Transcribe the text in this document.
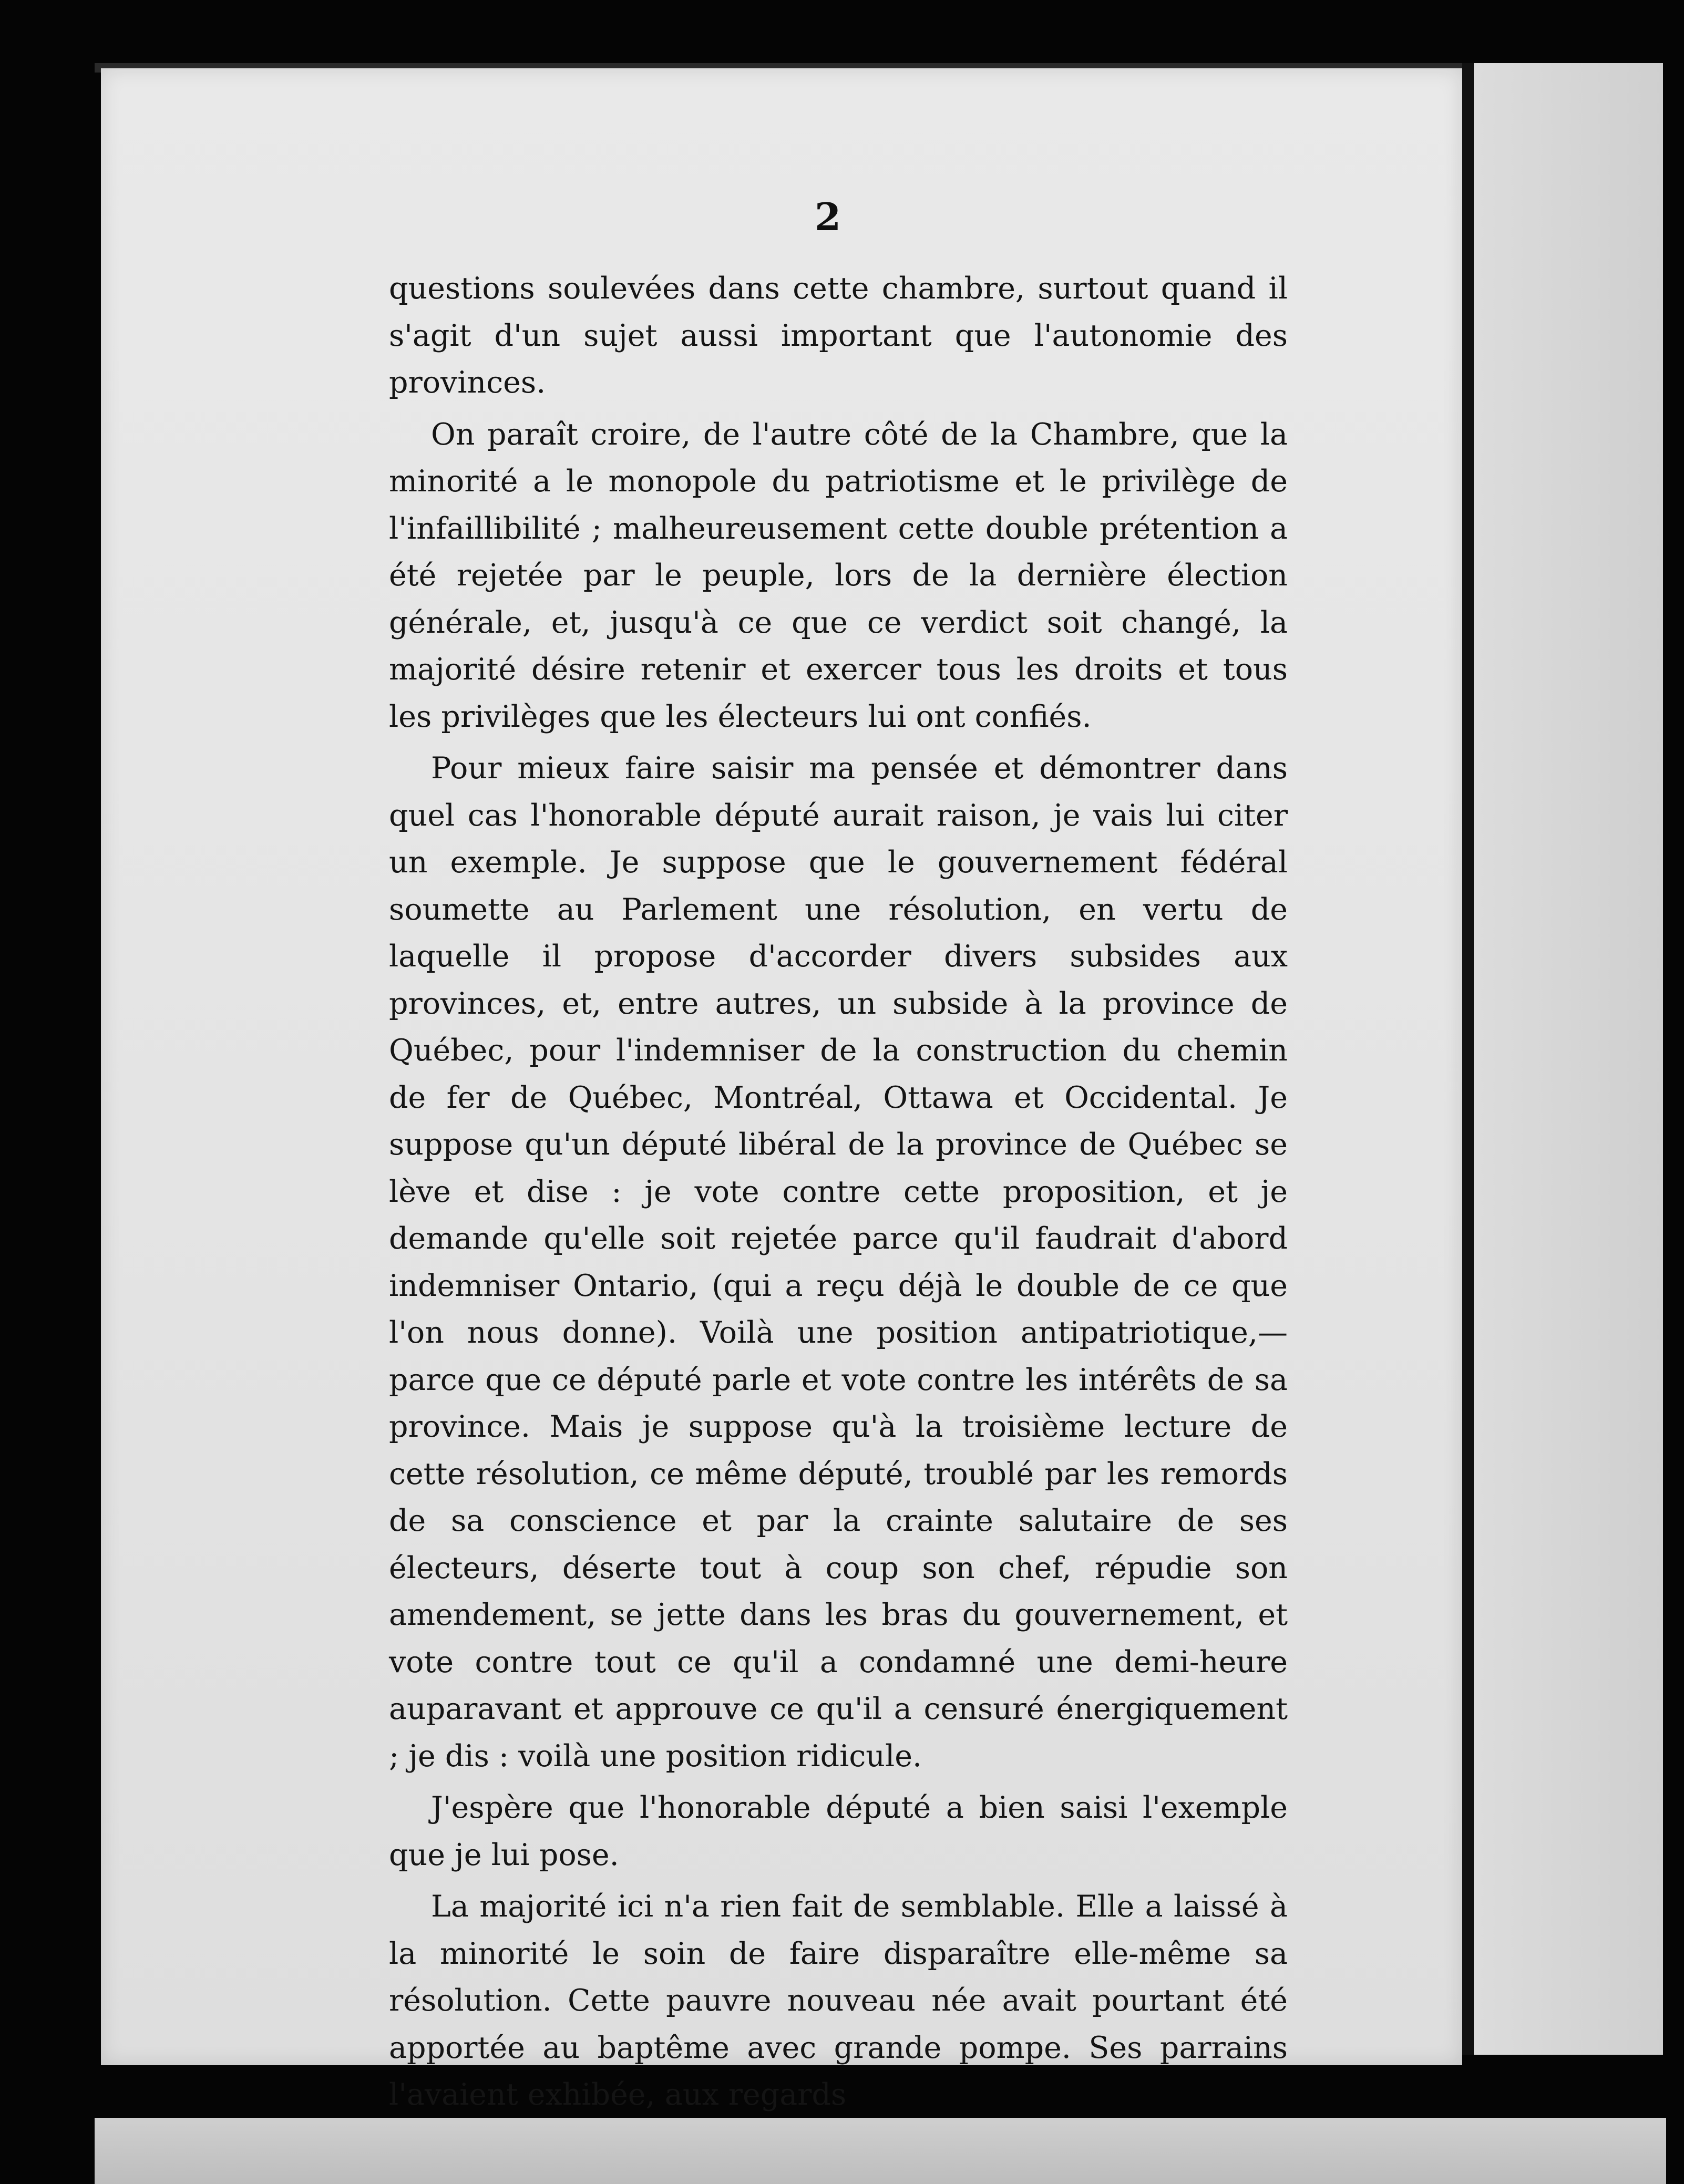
2

questions soulevées dans cette chambre, surtout quand il s'agit d'un sujet aussi important que l'autonomie des provinces.

On paraît croire, de l'autre côté de la Chambre, que la minorité a le monopole du patriotisme et le privilège de l'infaillibilité ; malheureusement cette double prétention a été rejetée par le peuple, lors de la dernière élection générale, et, jusqu'à ce que ce verdict soit changé, la majorité désire retenir et exercer tous les droits et tous les privilèges que les électeurs lui ont confiés.

Pour mieux faire saisir ma pensée et démontrer dans quel cas l'honorable député aurait raison, je vais lui citer un exemple. Je suppose que le gouvernement fédéral soumette au Parlement une résolution, en vertu de laquelle il propose d'accorder divers subsides aux provinces, et, entre autres, un subside à la province de Québec, pour l'indemniser de la construction du chemin de fer de Québec, Montréal, Ottawa et Occidental. Je suppose qu'un député libéral de la province de Québec se lève et dise : je vote contre cette proposition, et je demande qu'elle soit rejetée parce qu'il faudrait d'abord indemniser Ontario, (qui a reçu déjà le double de ce que l'on nous donne). Voilà une position antipatriotique,—parce que ce député parle et vote contre les intérêts de sa province. Mais je suppose qu'à la troisième lecture de cette résolution, ce même député, troublé par les remords de sa conscience et par la crainte salutaire de ses électeurs, déserte tout à coup son chef, répudie son amendement, se jette dans les bras du gouvernement, et vote contre tout ce qu'il a condamné une demi-heure auparavant et approuve ce qu'il a censuré énergiquement ; je dis : voilà une position ridicule.

J'espère que l'honorable député a bien saisi l'exemple que je lui pose.

La majorité ici n'a rien fait de semblable. Elle a laissé à la minorité le soin de faire disparaître elle-même sa résolution. Cette pauvre nouveau née avait pourtant été apportée au baptême avec grande pompe. Ses parrains l'avaient exhibée, aux regards
